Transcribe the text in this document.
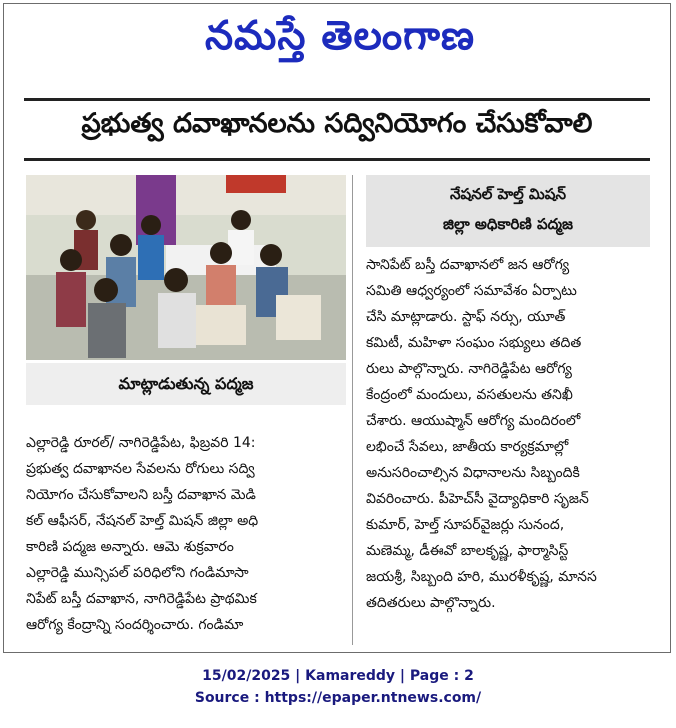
నమస్తే తెలంగాణ
ప్రభుత్వ దవాఖానలను సద్వినియోగం చేసుకోవాలి
మాట్లాడుతున్న పద్మజ
నేషనల్ హెల్త్ మిషన్
జిల్లా అధికారిణి పద్మజ
ఎల్లారెడ్డి రూరల్/ నాగిరెడ్డిపేట, ఫిబ్రవరి 14:
ప్రభుత్వ దవాఖానల సేవలను రోగులు సద్వి
నియోగం చేసుకోవాలని బస్తీ దవాఖాన మెడి
కల్ ఆఫీసర్, నేషనల్ హెల్త్ మిషన్ జిల్లా అధి
కారిణి పద్మజ అన్నారు. ఆమె శుక్రవారం
ఎల్లారెడ్డి మున్సిపల్ పరిధిలోని గండిమాసా
నిపేట్ బస్తీ దవాఖాన, నాగిరెడ్డిపేట ప్రాథమిక
ఆరోగ్య కేంద్రాన్ని సందర్శించారు. గండిమా
సానిపేట్ బస్తీ దవాఖానలో జన ఆరోగ్య
సమితి ఆధ్వర్యంలో సమావేశం ఏర్పాటు
చేసి మాట్లాడారు. స్టాఫ్ నర్సు, యూత్
కమిటీ, మహిళా సంఘం సభ్యులు తదిత
రులు పాల్గొన్నారు. నాగిరెడ్డిపేట ఆరోగ్య
కేంద్రంలో మందులు, వసతులను తనిఖీ
చేశారు. ఆయుష్మాన్ ఆరోగ్య మందిరంలో
లభించే సేవలు, జాతీయ కార్యక్రమాల్లో
అనుసరించాల్సిన విధానాలను సిబ్బందికి
వివరించారు. పీహెచ్‌సీ వైద్యాధికారి సృజన్
కుమార్, హెల్త్ సూపర్‌వైజర్లు సునంద,
మణెమ్మ, డీఈవో బాలకృష్ణ, ఫార్మాసిస్ట్
జయశ్రీ, సిబ్బంది హరి, మురళీకృష్ణ, మానస
తదితరులు పాల్గొన్నారు.
15/02/2025 | Kamareddy | Page : 2
Source : https://epaper.ntnews.com/
